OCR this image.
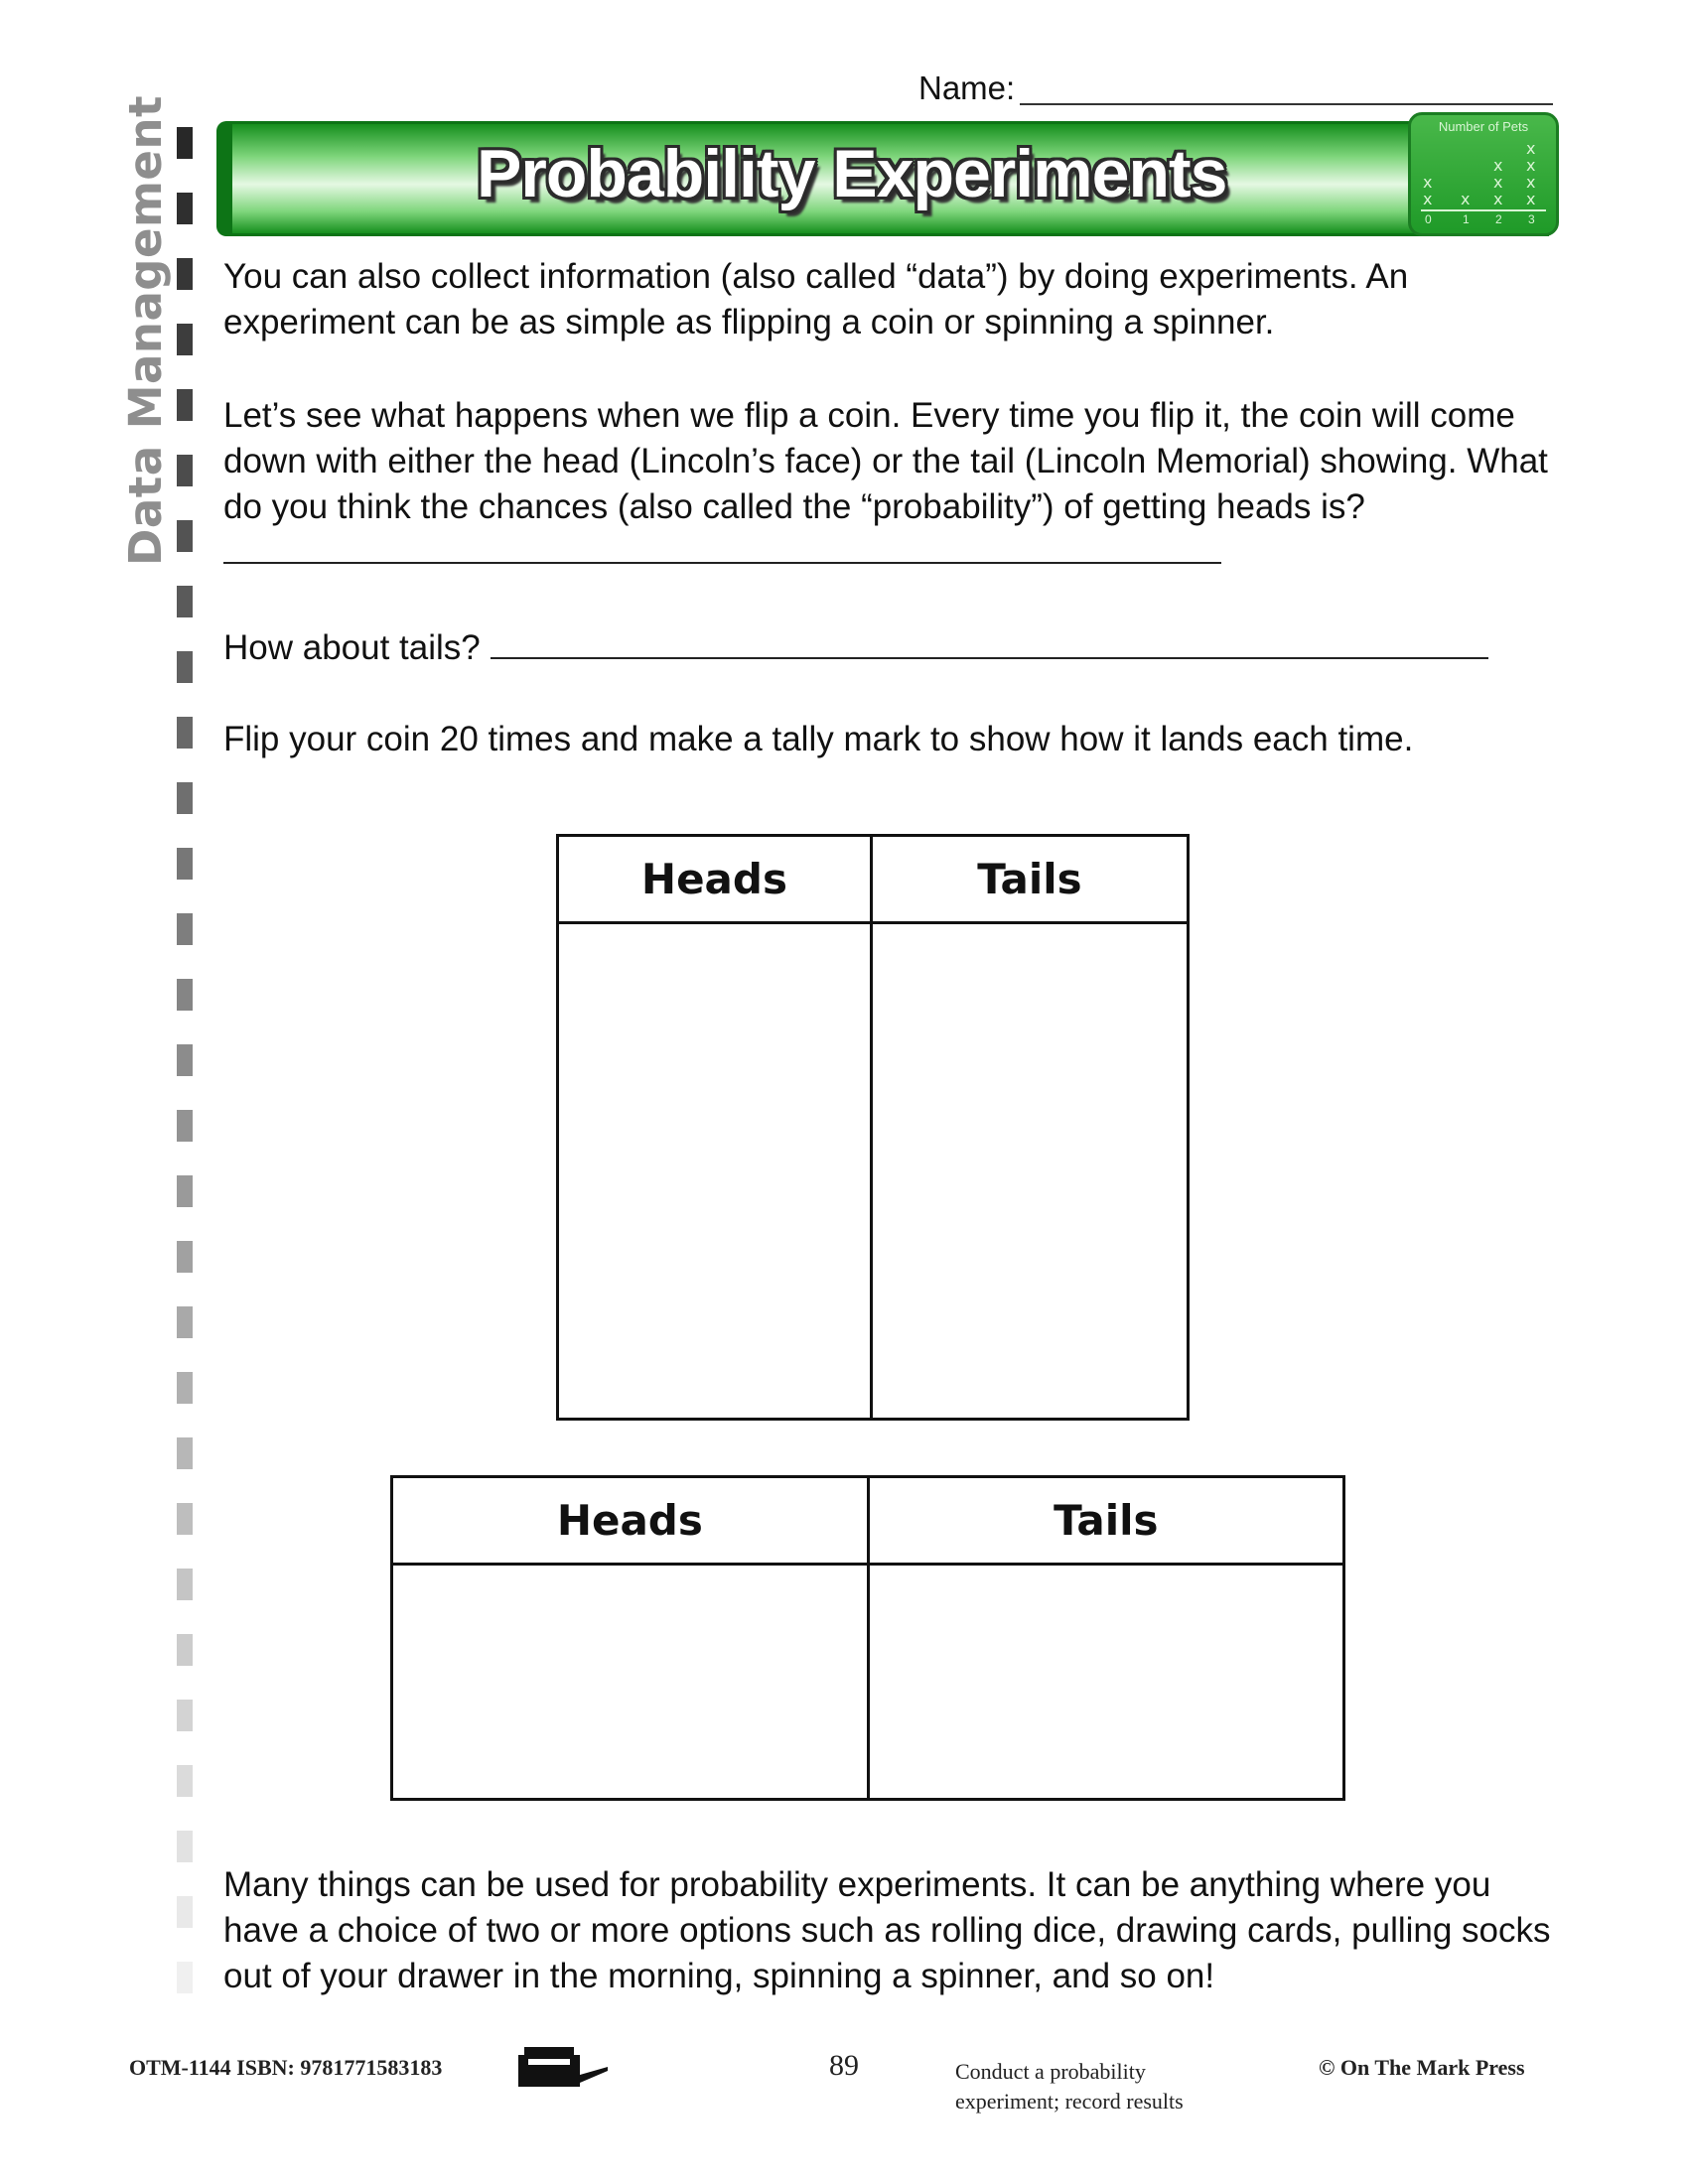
Data Management
Name:
Probability Experiments
Number of Pets
x
x x
x
x
x
x
x
x
x
0	1 2 3
You can also collect information (also called “data”) by doing experiments. An experiment can be as simple as flipping a coin or spinning a spinner.
Let’s see what happens when we flip a coin. Every time you flip it, the coin will come down with either the head (Lincoln’s face) or the tail (Lincoln Memorial) showing. What do you think the chances (also called the “probability”) of getting heads is?
How about tails?
Flip your coin 20 times and make a tally mark to show how it lands each time.
Heads	Tails

Heads	Tails

Many things can be used for probability experiments. It can be anything where you have a choice of two or more options such as rolling dice, drawing cards, pulling socks out of your drawer in the morning, spinning a spinner, and so on!
OTM-1144 ISBN: 9781771583183	89	Conduct a probability
experiment; record results
© On The Mark Press
